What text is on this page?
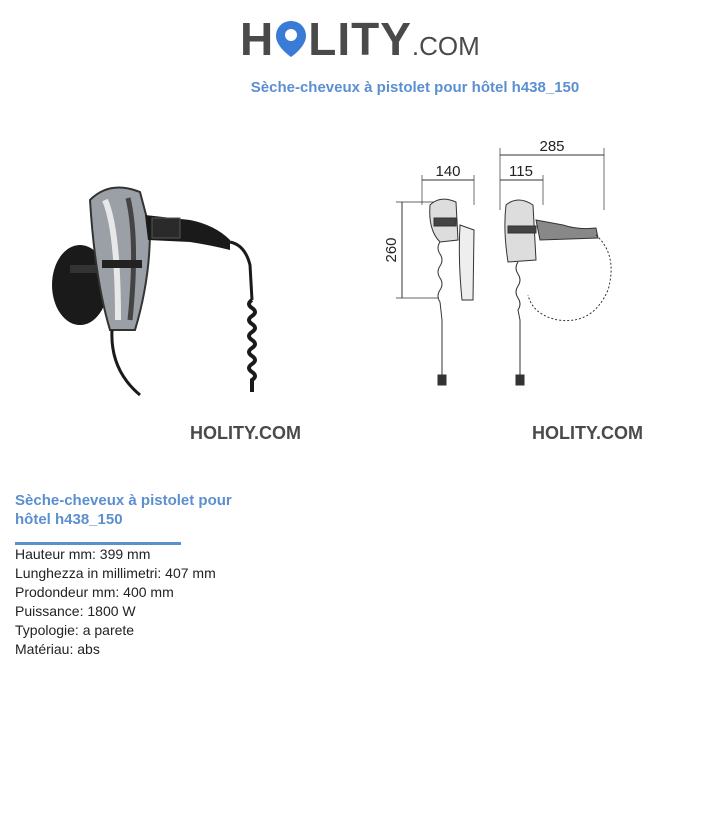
H LITY.COM
Sèche-cheveux à pistolet pour hôtel h438_150
285
140	115
260
HOLITY.COM	HOLITY.COM
Sèche-cheveux à pistolet pour hôtel h438_150
Hauteur mm: 399 mm
Lunghezza in millimetri: 407 mm
Prodondeur mm: 400 mm
Puissance: 1800 W
Typologie: a parete
Matériau: abs
